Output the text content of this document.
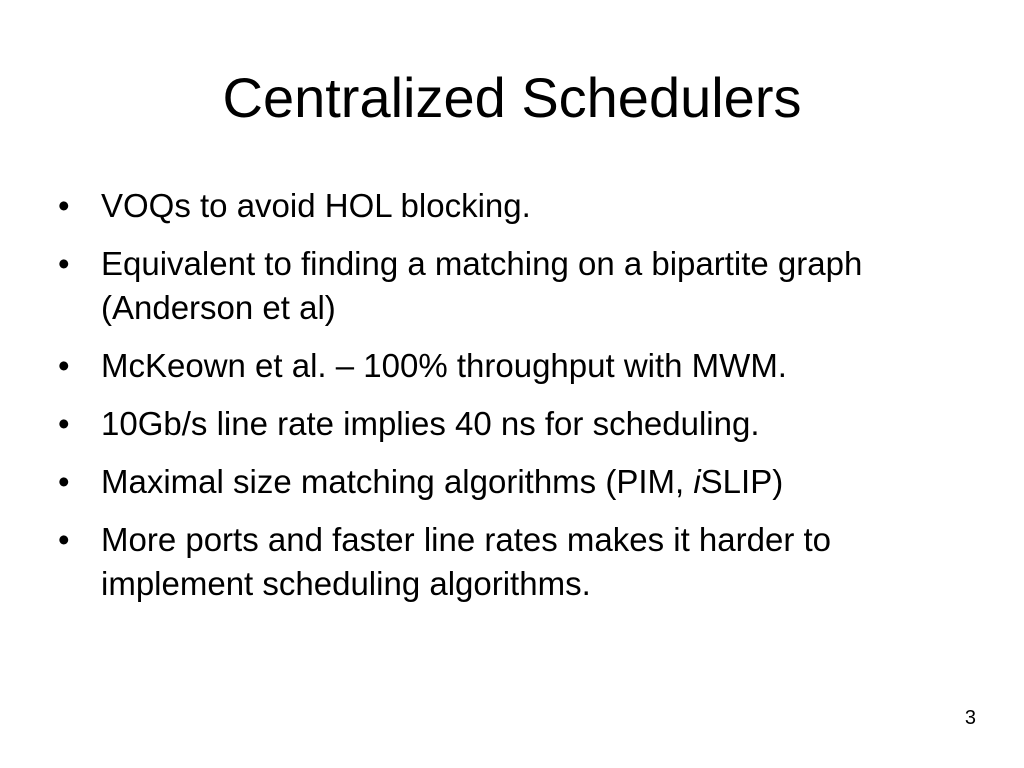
Centralized Schedulers
• VOQs to avoid HOL blocking.
• Equivalent to finding a matching on a bipartite graph (Anderson et al)
• McKeown et al. – 100% throughput with MWM.
• 10Gb/s line rate implies 40 ns for scheduling.
• Maximal size matching algorithms (PIM, iSLIP)
• More ports and faster line rates makes it harder to implement scheduling algorithms.
3
